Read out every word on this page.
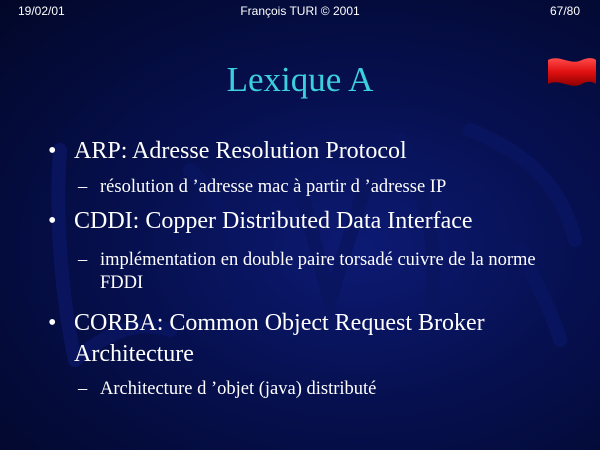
19/02/01	François TURI © 2001	67/80
Lexique A
• ARP: Adresse Resolution Protocol
– résolution d ’adresse mac à partir d ’adresse IP
• CDDI: Copper Distributed Data Interface
– implémentation en double paire torsadé cuivre de la norme FDDI
• CORBA: Common Object Request Broker Architecture
– Architecture d ’objet (java) distributé
